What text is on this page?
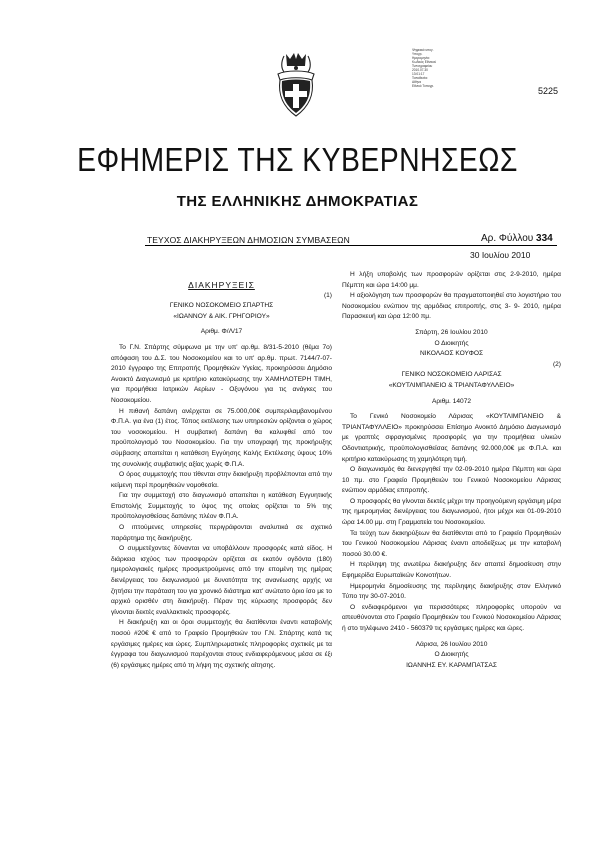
Ψηφιακά υπογ.
Υπογρ.
Ημερομηνία:
Κωδικός Εθνικού
Τυπογραφείου
2010.07.30
13:01:17
Τοποθεσία:
Αθήνα
Εθνικό Τυπογρ.	5225
ΕΦΗΜΕΡΙΣ ΤΗΣ ΚΥΒΕΡΝΗΣΕΩΣ
ΤΗΣ ΕΛΛΗΝΙΚΗΣ ΔΗΜΟΚΡΑΤΙΑΣ
ΤΕΥΧΟΣ ΔΙΑΚΗΡΥΞΕΩΝ ΔΗΜΟΣΙΩΝ ΣΥΜΒΑΣΕΩΝ	Αρ. Φύλλου 334
30 Ιουλίου 2010

ΔΙΑΚΗΡΥΞΕΙΣ

(1)

ΓΕΝΙΚΟ ΝΟΣΟΚΟΜΕΙΟ ΣΠΑΡΤΗΣ

«ΙΩΑΝΝΟΥ & ΑΙΚ. ΓΡΗΓΟΡΙΟΥ»

Αριθμ. Φ/Λ/17

Το Γ.Ν. Σπάρτης σύμφωνα με την υπ' αρ.θμ. 8/31-5-2010 (θέμα 7ο) απόφαση του Δ.Σ. του Νοσοκομείου και το υπ' αρ.θμ. πρωτ. 7144/7-07-2010 έγγραφο της Επιτροπής Προμηθειών Υγείας, προκηρύσσει Δημόσιο Ανοικτό Διαγωνισμό με κριτήριο κατακύρωσης την ΧΑΜΗΛΟΤΕΡΗ ΤΙΜΗ, για προμήθεια Ιατρικών Αερίων - Οξυγόνου για τις ανάγκες του Νοσοκομείου.

Η πιθανή δαπάνη ανέρχεται σε 75.000,00€ συμπεριλαμβανομένου Φ.Π.Α. για ένα (1) έτος. Τόπος εκτέλεσης των υπηρεσιών ορίζονται ο χώρος του νοσοκομείου. Η συμβατική δαπάνη θα καλυφθεί από τον προϋπολογισμό του Νοσοκομείου. Για την υπογραφή της προκήρυξης σύμβασης απαιτείται η κατάθεση Εγγύησης Καλής Εκτέλεσης ύψους 10% της συνολικής συμβατικής αξίας χωρίς Φ.Π.Α.

Ο όρος συμμετοχής που τίθενται στην διακήρυξη προβλέπονται από την κείμενη περί προμηθειών νομοθεσία.

Για την συμμετοχή στο διαγωνισμό απαιτείται η κατάθεση Εγγυητικής Επιστολής Συμμετοχής το ύψος της οποίας ορίζεται το 5% της προϋπολογισθείσας δαπάνης πλέον Φ.Π.Α.

Ο ιπτούμενες υπηρεσίες περιγράφονται αναλυτικά σε σχετικό παράρτημα της διακήρυξης.

Ο συμμετέχοντες δύνανται να υποβάλλουν προσφορές κατά είδος. Η διάρκεια ισχύος των προσφορών ορίζεται σε εκατόν ογδόντα (180) ημερολογιακές ημέρες προσμετρούμενες από την επομένη της ημέρας διενέργειας του διαγωνισμού με δυνατότητα της ανανέωσης αρχής να ζητήσει την παράταση του για χρονικό διάστημα κατ' ανώτατο όριο ίσο με το αρχικό ορισθέν στη διακήρυξη. Πέραν της κύρωσης προσφοράς δεν γίνονται δεκτές εναλλακτικές προσφορές.

Η διακήρυξη και οι όροι συμμετοχής θα διατίθενται έναντι καταβολής ποσού #20€ € από το Γραφείο Προμηθειών του Γ.Ν. Σπάρτης κατά τις εργάσιμες ημέρες και ώρες. Συμπληρωματικές πληροφορίες σχετικές με τα έγγραφα του διαγωνισμού παρέχονται στους ενδιαφερόμενους μέσα σε έξι (6) εργάσιμες ημέρες από τη λήψη της σχετικής αίτησης.

Η λήξη υποβολής των προσφορών ορίζεται στις 2-9-2010, ημέρα Πέμπτη και ώρα 14:00 μμ.

Η αξιολόγηση των προσφορών θα πραγματοποιηθεί στο λογιστήριο του Νοσοκομείου ενώπιον της αρμόδιας επιτροπής, στις 3- 9- 2010, ημέρα Παρασκευή και ώρα 12:00 πμ.

Σπάρτη, 26 Ιουλίου 2010

Ο Διοικητής

ΝΙΚΟΛΑΟΣ ΚΟΥΦΟΣ

(2)

ΓΕΝΙΚΟ ΝΟΣΟΚΟΜΕΙΟ ΛΑΡΙΣΑΣ

«ΚΟΥΤΛΙΜΠΑΝΕΙΟ & ΤΡΙΑΝΤΑΦΥΛΛΕΙΟ»

Αριθμ. 14072

Το Γενικό Νοσοκομείο Λάρισας «ΚΟΥΤΛΙΜΠΑΝΕΙΟ & ΤΡΙΑΝΤΑΦΥΛΛΕΙΟ» προκηρύσσει Επίσημο Ανοικτό Δημόσιο Διαγωνισμό με γραπτές σφραγισμένες προσφορές για την προμήθεια υλικών Οδοντιατρικής, προϋπολογισθείσας δαπάνης 92.000,00€ με Φ.Π.Α. και κριτήριο κατακύρωσης τη χαμηλότερη τιμή.

Ο διαγωνισμός θα διενεργηθεί την 02-09-2010 ημέρα Πέμπτη και ώρα 10 πμ. στο Γραφείο Προμηθειών του Γενικού Νοσοκομείου Λάρισας ενώπιον αρμόδιας επιτροπής.

Ο προσφορές θα γίνονται δεκτές μέχρι την προηγούμενη εργάσιμη μέρα της ημερομηνίας διενέργειας του διαγωνισμού, ήτοι μέχρι και 01-09-2010 ώρα 14.00 μμ. στη Γραμματεία του Νοσοκομείου.

Τα τεύχη των διακηρύξεων θα διατίθενται από το Γραφείο Προμηθειών του Γενικού Νοσοκομείου Λάρισας έναντι αποδείξεως με την καταβολή ποσού 30.00 €.

Η περίληψη της ανωτέρω διακήρυξης δεν απαιτεί δημοσίευση στην Εφημερίδα Ευρωπαϊκών Κοινοτήτων.

Ημερομηνία δημοσίευσης της περίληψης διακήρυξης στον Ελληνικό Τύπο την 30-07-2010.

Ο ενδιαφερόμενοι για περισσότερες πληροφορίες υπορούν να απευθύνονται στο Γραφείο Προμηθειών του Γενικού Νοσοκομείου Λάρισας ή στο τηλέφωνο 2410 - 560379 τις εργάσιμες ημέρες και ώρες.

Λάρισα, 26 Ιουλίου 2010

Ο Διοικητής

ΙΩΑΝΝΗΣ ΕΥ. ΚΑΡΑΜΠΑΤΣΑΣ
